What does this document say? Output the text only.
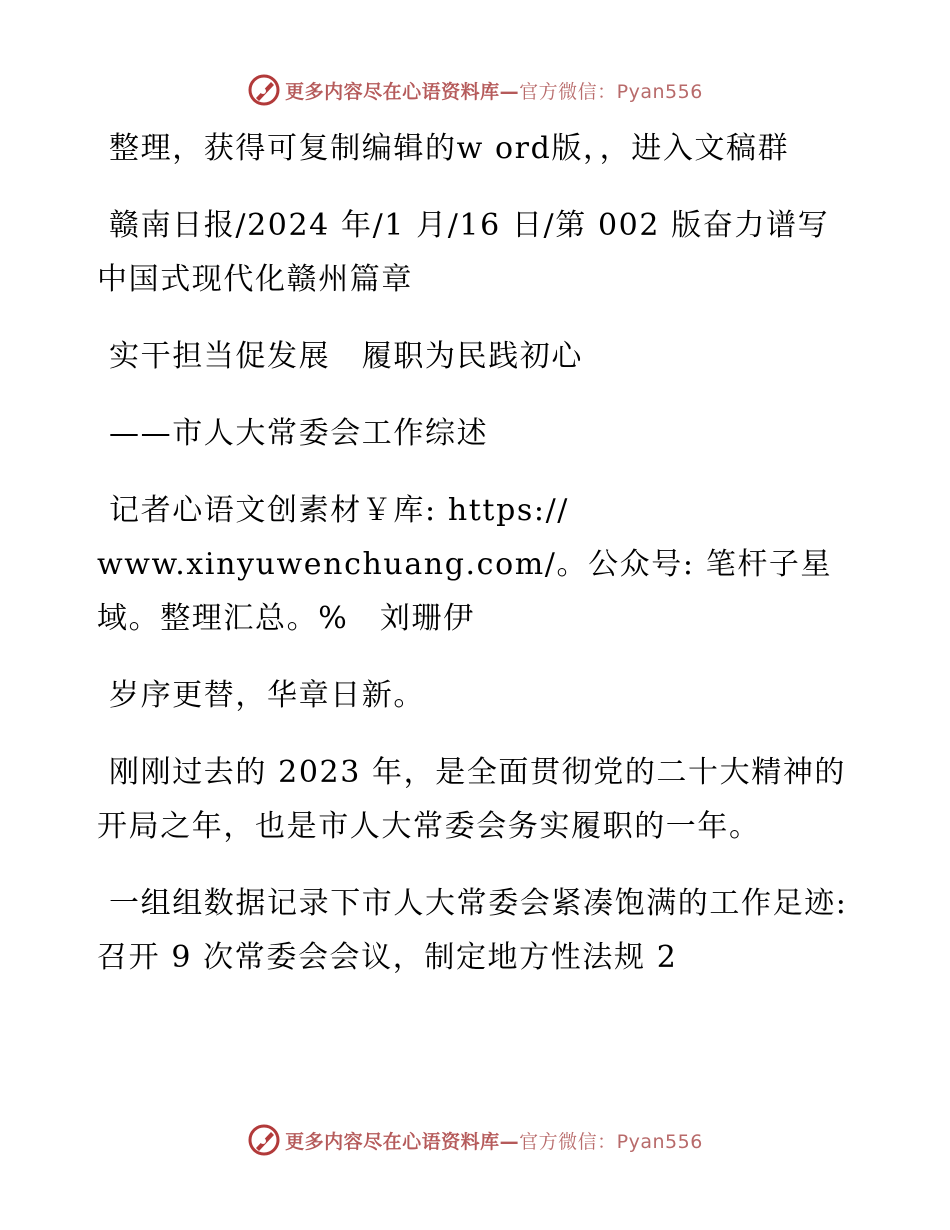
更多内容尽在心语资料库— 官方微信：Pyan556

整理，获得可复制编辑的w ord版，，进入文稿群

赣南日报/2024 年/1 月/16 日/第 002 版奋力谱写中国式现代化赣州篇章

实干担当促发展　履职为民践初心

——市人大常委会工作综述

记者心语文创素材￥库: https://
www.xinyuwenchuang.com/。公众号: 笔杆子星域。整理汇总。%　刘珊伊

岁序更替，华章日新。

刚刚过去的 2023 年，是全面贯彻党的二十大精神的开局之年，也是市人大常委会务实履职的一年。

一组组数据记录下市人大常委会紧凑饱满的工作足迹: 召开 9 次常委会会议，制定地方性法规 2

更多内容尽在心语资料库— 官方微信：Pyan556
